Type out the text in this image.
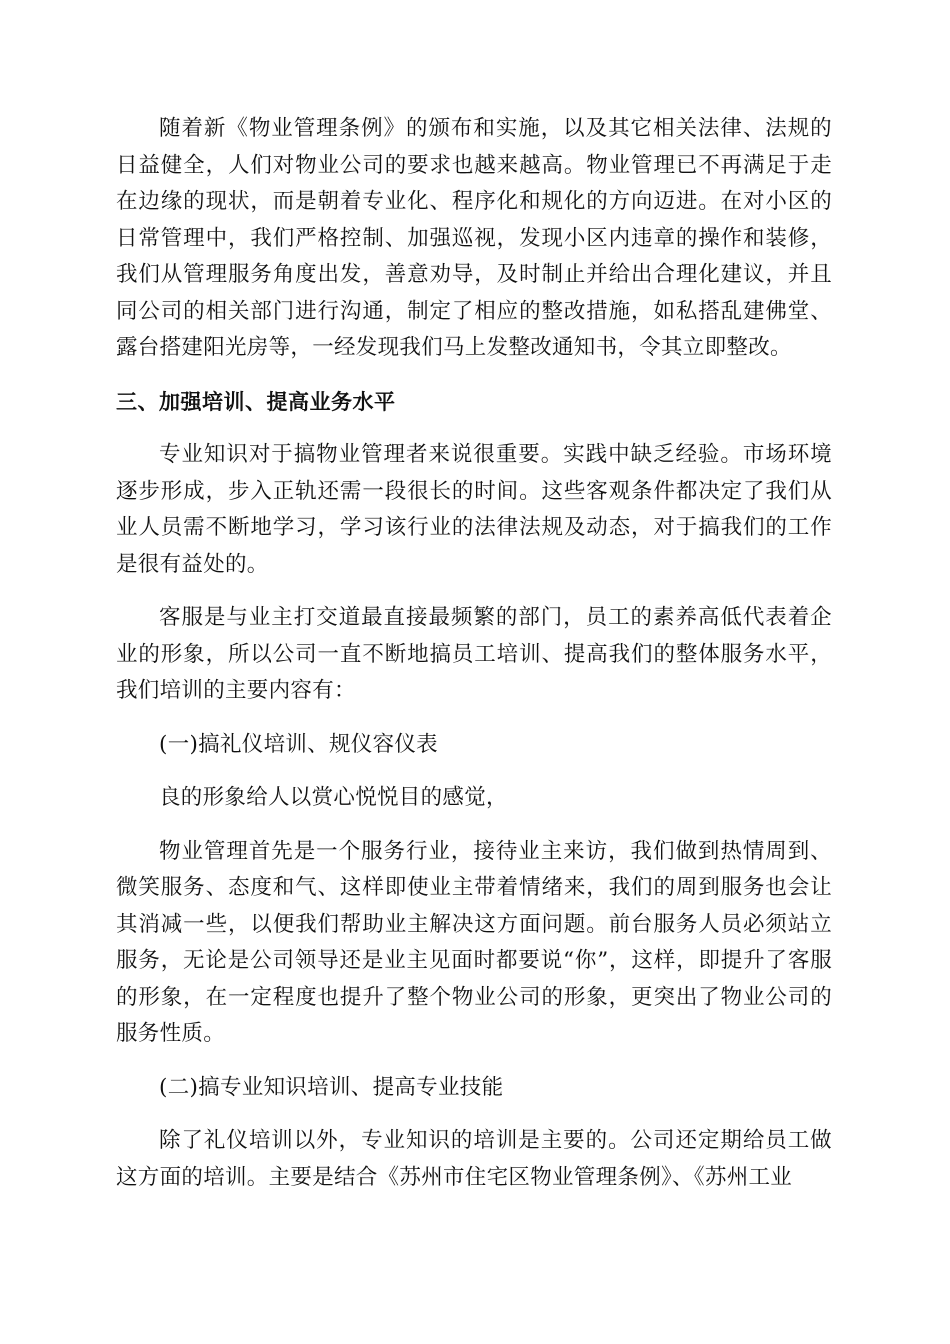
随着新《物业管理条例》的颁布和实施，以及其它相关法律、法规的日益健全，人们对物业公司的要求也越来越高。物业管理已不再满足于走在边缘的现状，而是朝着专业化、程序化和规化的方向迈进。在对小区的日常管理中，我们严格控制、加强巡视，发现小区内违章的操作和装修，我们从管理服务角度出发，善意劝导，及时制止并给出合理化建议，并且同公司的相关部门进行沟通，制定了相应的整改措施，如私搭乱建佛堂、露台搭建阳光房等，一经发现我们马上发整改通知书，令其立即整改。

三、加强培训、提高业务水平

专业知识对于搞物业管理者来说很重要。实践中缺乏经验。市场环境逐步形成，步入正轨还需一段很长的时间。这些客观条件都决定了我们从业人员需不断地学习，学习该行业的法律法规及动态，对于搞我们的工作是很有益处的。

客服是与业主打交道最直接最频繁的部门，员工的素养高低代表着企业的形象，所以公司一直不断地搞员工培训、提高我们的整体服务水平，我们培训的主要内容有：

(一)搞礼仪培训、规仪容仪表

良的形象给人以赏心悦悦目的感觉，

物业管理首先是一个服务行业，接待业主来访，我们做到热情周到、微笑服务、态度和气、这样即使业主带着情绪来，我们的周到服务也会让其消减一些，以便我们帮助业主解决这方面问题。前台服务人员必须站立服务，无论是公司领导还是业主见面时都要说“你”，这样，即提升了客服的形象，在一定程度也提升了整个物业公司的形象，更突出了物业公司的服务性质。

(二)搞专业知识培训、提高专业技能

除了礼仪培训以外，专业知识的培训是主要的。公司还定期给员工做这方面的培训。主要是结合《苏州市住宅区物业管理条例》、《苏州工业
